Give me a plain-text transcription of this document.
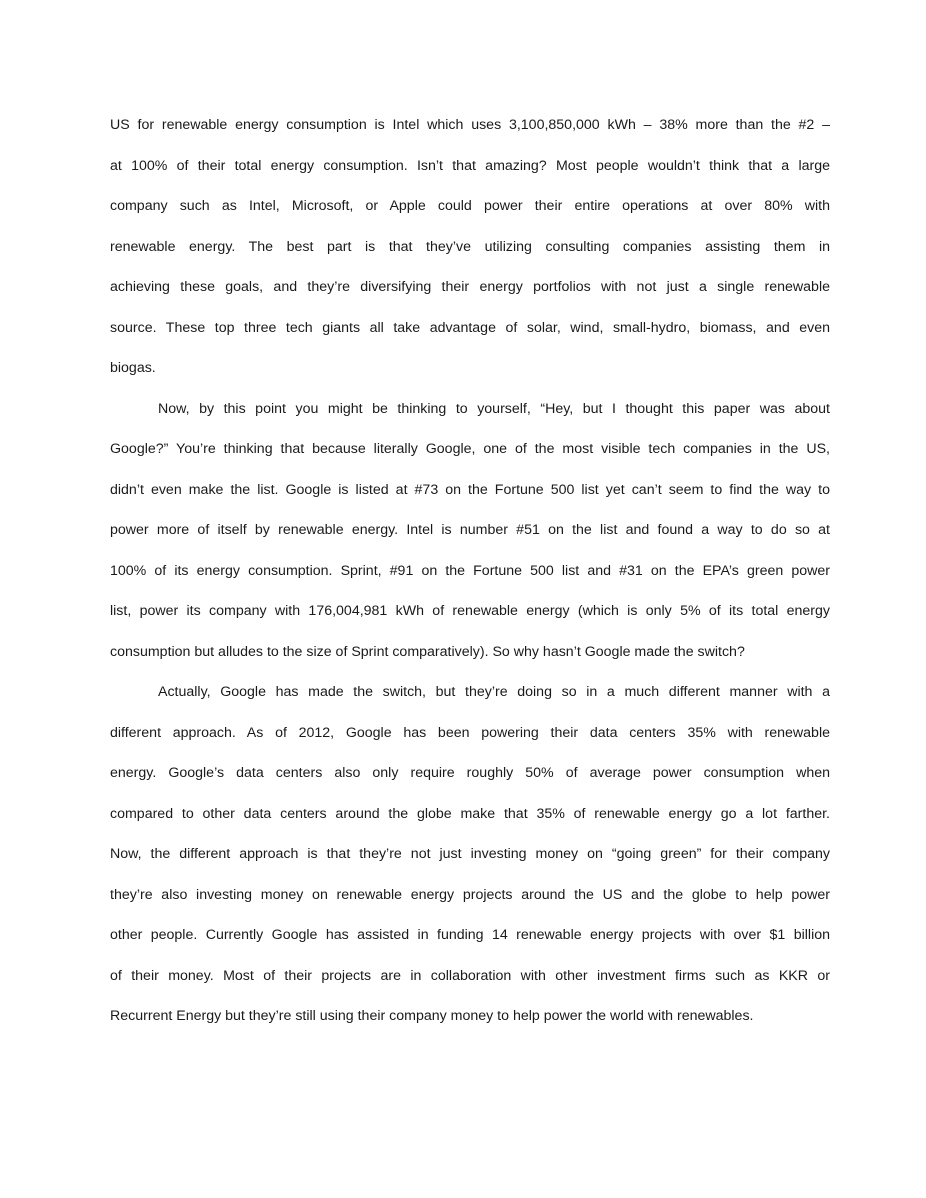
US for renewable energy consumption is Intel which uses 3,100,850,000 kWh – 38% more than the #2 –
at 100% of their total energy consumption. Isn’t that amazing? Most people wouldn’t think that a large
company such as Intel, Microsoft, or Apple could power their entire operations at over 80% with
renewable energy. The best part is that they’ve utilizing consulting companies assisting them in
achieving these goals, and they’re diversifying their energy portfolios with not just a single renewable
source. These top three tech giants all take advantage of solar, wind, small-hydro, biomass, and even
biogas.
Now, by this point you might be thinking to yourself, “Hey, but I thought this paper was about
Google?” You’re thinking that because literally Google, one of the most visible tech companies in the US,
didn’t even make the list. Google is listed at #73 on the Fortune 500 list yet can’t seem to find the way to
power more of itself by renewable energy. Intel is number #51 on the list and found a way to do so at
100% of its energy consumption. Sprint, #91 on the Fortune 500 list and #31 on the EPA’s green power
list, power its company with 176,004,981 kWh of renewable energy (which is only 5% of its total energy
consumption but alludes to the size of Sprint comparatively). So why hasn’t Google made the switch?
Actually, Google has made the switch, but they’re doing so in a much different manner with a
different approach. As of 2012, Google has been powering their data centers 35% with renewable
energy. Google’s data centers also only require roughly 50% of average power consumption when
compared to other data centers around the globe make that 35% of renewable energy go a lot farther.
Now, the different approach is that they’re not just investing money on “going green” for their company
they’re also investing money on renewable energy projects around the US and the globe to help power
other people. Currently Google has assisted in funding 14 renewable energy projects with over $1 billion
of their money. Most of their projects are in collaboration with other investment firms such as KKR or
Recurrent Energy but they’re still using their company money to help power the world with renewables.
